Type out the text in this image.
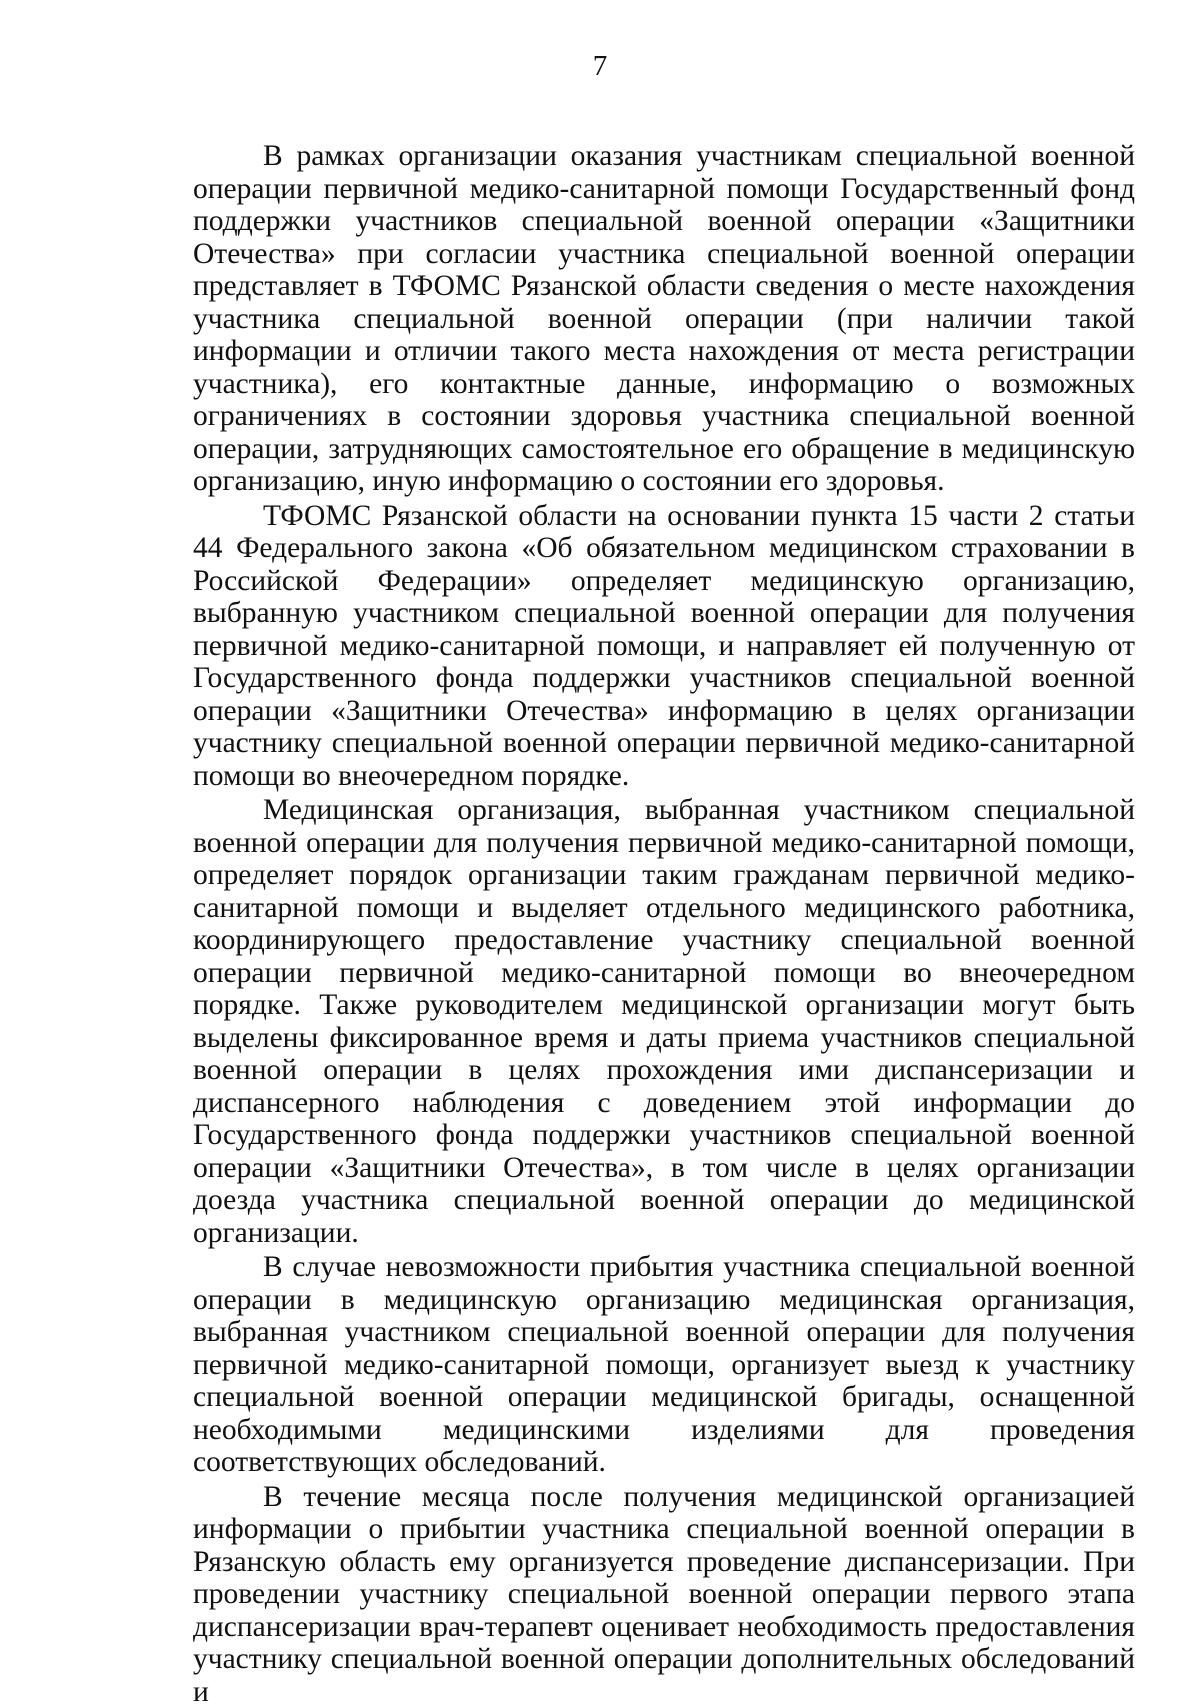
7

В рамках организации оказания участникам специальной военной операции первичной медико-санитарной помощи Государственный фонд поддержки участников специальной военной операции «Защитники Отечества» при согласии участника специальной военной операции представляет в ТФОМС Рязанской области сведения о месте нахождения участника специальной военной операции (при наличии такой информации и отличии такого места нахождения от места регистрации участника), его контактные данные, информацию о возможных ограничениях в состоянии здоровья участника специальной военной операции, затрудняющих самостоятельное его обращение в медицинскую организацию, иную информацию о состоянии его здоровья.

ТФОМС Рязанской области на основании пункта 15 части 2 статьи 44 Федерального закона «Об обязательном медицинском страховании в Российской Федерации» определяет медицинскую организацию, выбранную участником специальной военной операции для получения первичной медико-санитарной помощи, и направляет ей полученную от Государственного фонда поддержки участников специальной военной операции «Защитники Отечества» информацию в целях организации участнику специальной военной операции первичной медико-санитарной помощи во внеочередном порядке.

Медицинская организация, выбранная участником специальной военной операции для получения первичной медико-санитарной помощи, определяет порядок организации таким гражданам первичной медико-санитарной помощи и выделяет отдельного медицинского работника, координирующего предоставление участнику специальной военной операции первичной медико-санитарной помощи во внеочередном порядке. Также руководителем медицинской организации могут быть выделены фиксированное время и даты приема участников специальной военной операции в целях прохождения ими диспансеризации и диспансерного наблюдения с доведением этой информации до Государственного фонда поддержки участников специальной военной операции «Защитники Отечества», в том числе в целях организации доезда участника специальной военной операции до медицинской организации.

В случае невозможности прибытия участника специальной военной операции в медицинскую организацию медицинская организация, выбранная участником специальной военной операции для получения первичной медико-санитарной помощи, организует выезд к участнику специальной военной операции медицинской бригады, оснащенной необходимыми медицинскими изделиями для проведения соответствующих обследований.

В течение месяца после получения медицинской организацией информации о прибытии участника специальной военной операции в Рязанскую область ему организуется проведение диспансеризации. При проведении участнику специальной военной операции первого этапа диспансеризации врач-терапевт оценивает необходимость предоставления участнику специальной военной операции дополнительных обследований и
